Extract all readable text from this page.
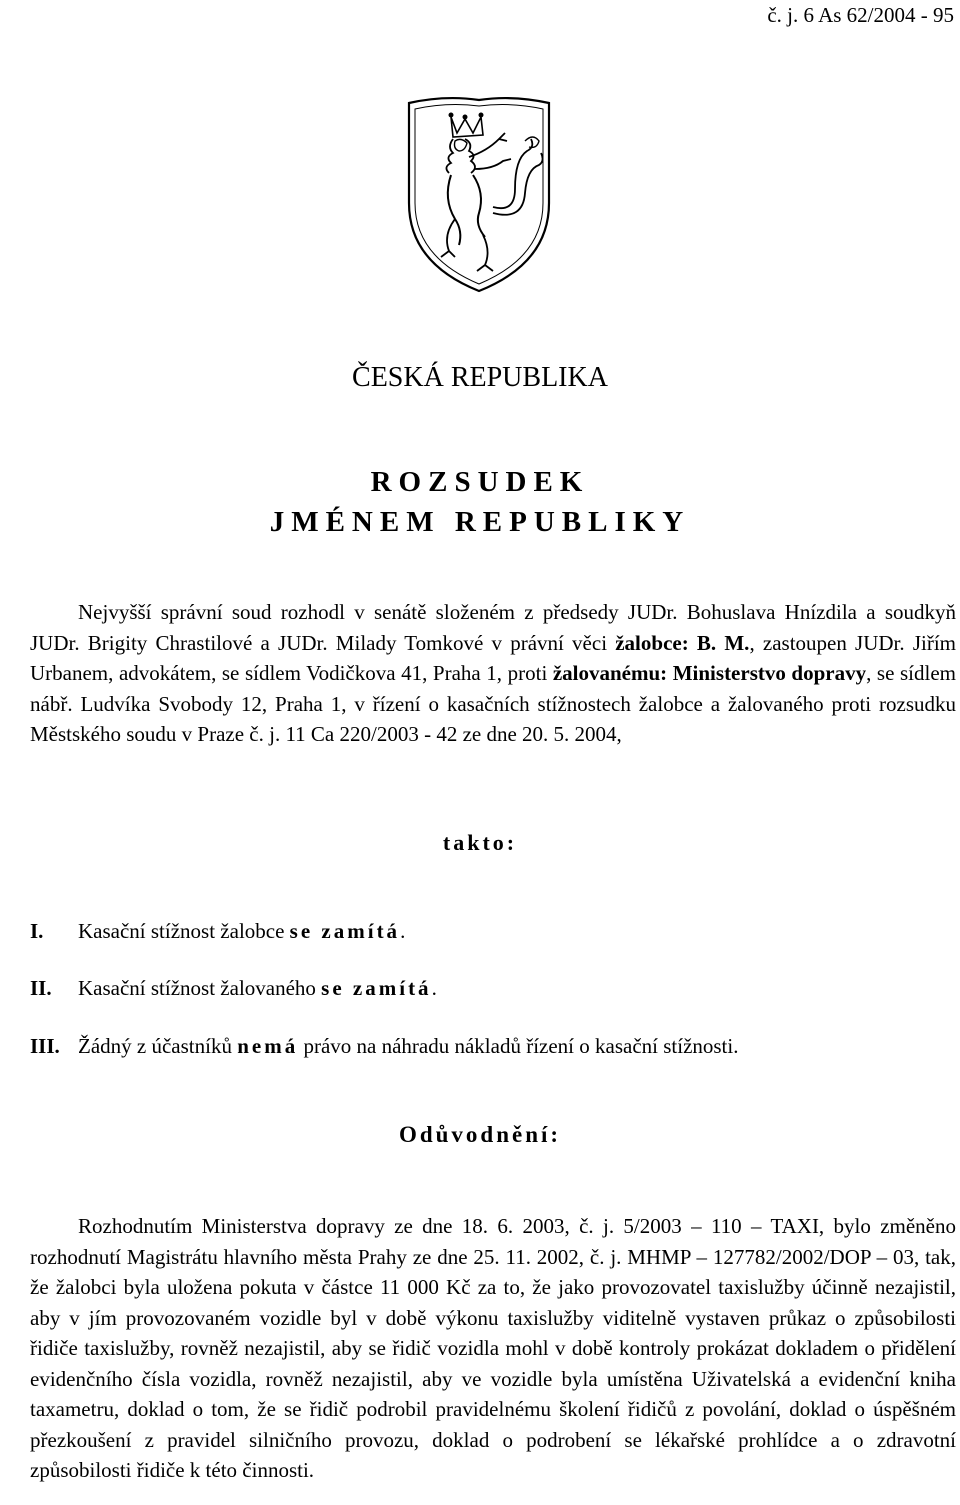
č. j. 6 As 62/2004 - 95
ČESKÁ REPUBLIKA
ROZSUDEK
JMÉNEM REPUBLIKY
Nejvyšší správní soud rozhodl v senátě složeném z předsedy JUDr. Bohuslava Hnízdila a soudkyň JUDr. Brigity Chrastilové a JUDr. Milady Tomkové v právní věci žalobce: B. M., zastoupen JUDr. Jiřím Urbanem, advokátem, se sídlem Vodičkova 41, Praha 1, proti žalovanému: Ministerstvo dopravy, se sídlem nábř. Ludvíka Svobody 12, Praha 1, v řízení o kasačních stížnostech žalobce a žalovaného proti rozsudku Městského soudu v Praze č. j. 11 Ca 220/2003 - 42 ze dne 20. 5. 2004,
takto:
I. Kasační stížnost žalobce se zamítá.
II. Kasační stížnost žalovaného se zamítá.
III. Žádný z účastníků nemá právo na náhradu nákladů řízení o kasační stížnosti.
Odůvodnění:
Rozhodnutím Ministerstva dopravy ze dne 18. 6. 2003, č. j. 5/2003 – 110 – TAXI, bylo změněno rozhodnutí Magistrátu hlavního města Prahy ze dne 25. 11. 2002, č. j. MHMP – 127782/2002/DOP – 03, tak, že žalobci byla uložena pokuta v částce 11 000 Kč za to, že jako provozovatel taxislužby účinně nezajistil, aby v jím provozovaném vozidle byl v době výkonu taxislužby viditelně vystaven průkaz o způsobilosti řidiče taxislužby, rovněž nezajistil, aby se řidič vozidla mohl v době kontroly prokázat dokladem o přidělení evidenčního čísla vozidla, rovněž nezajistil, aby ve vozidle byla umístěna Uživatelská a evidenční kniha taxametru, doklad o tom, že se řidič podrobil pravidelnému školení řidičů z povolání, doklad o úspěšném přezkoušení z pravidel silničního provozu, doklad o podrobení se lékařské prohlídce a o zdravotní způsobilosti řidiče k této činnosti.
